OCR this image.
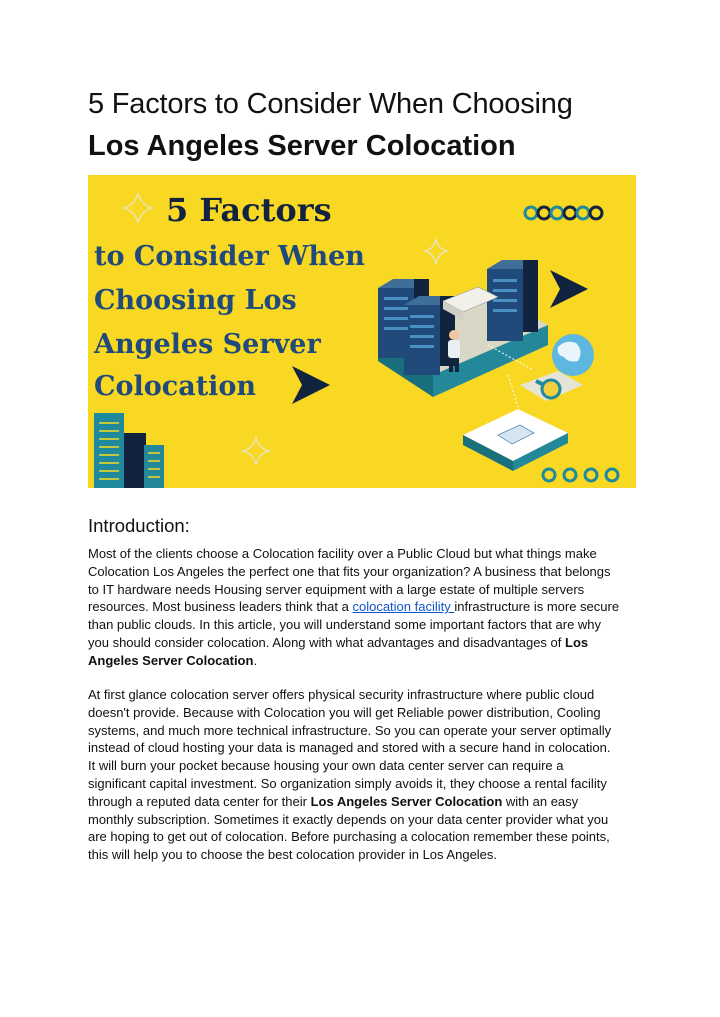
5 Factors to Consider When Choosing
Los Angeles Server Colocation
5 Factors
to Consider When
Choosing Los
Angeles Server
Colocation
Introduction:
Most of the clients choose a Colocation facility over a Public Cloud but what things make
Colocation Los Angeles the perfect one that fits your organization? A business that belongs
to IT hardware needs Housing server equipment with a large estate of multiple servers
resources. Most business leaders think that a colocation facility infrastructure is more secure
than public clouds. In this article, you will understand some important factors that are why
you should consider colocation. Along with what advantages and disadvantages of Los
Angeles Server Colocation.
At first glance colocation server offers physical security infrastructure where public cloud
doesn't provide. Because with Colocation you will get Reliable power distribution, Cooling
systems, and much more technical infrastructure. So you can operate your server optimally
instead of cloud hosting your data is managed and stored with a secure hand in colocation.
It will burn your pocket because housing your own data center server can require a
significant capital investment. So organization simply avoids it, they choose a rental facility
through a reputed data center for their Los Angeles Server Colocation with an easy
monthly subscription. Sometimes it exactly depends on your data center provider what you
are hoping to get out of colocation. Before purchasing a colocation remember these points,
this will help you to choose the best colocation provider in Los Angeles.
